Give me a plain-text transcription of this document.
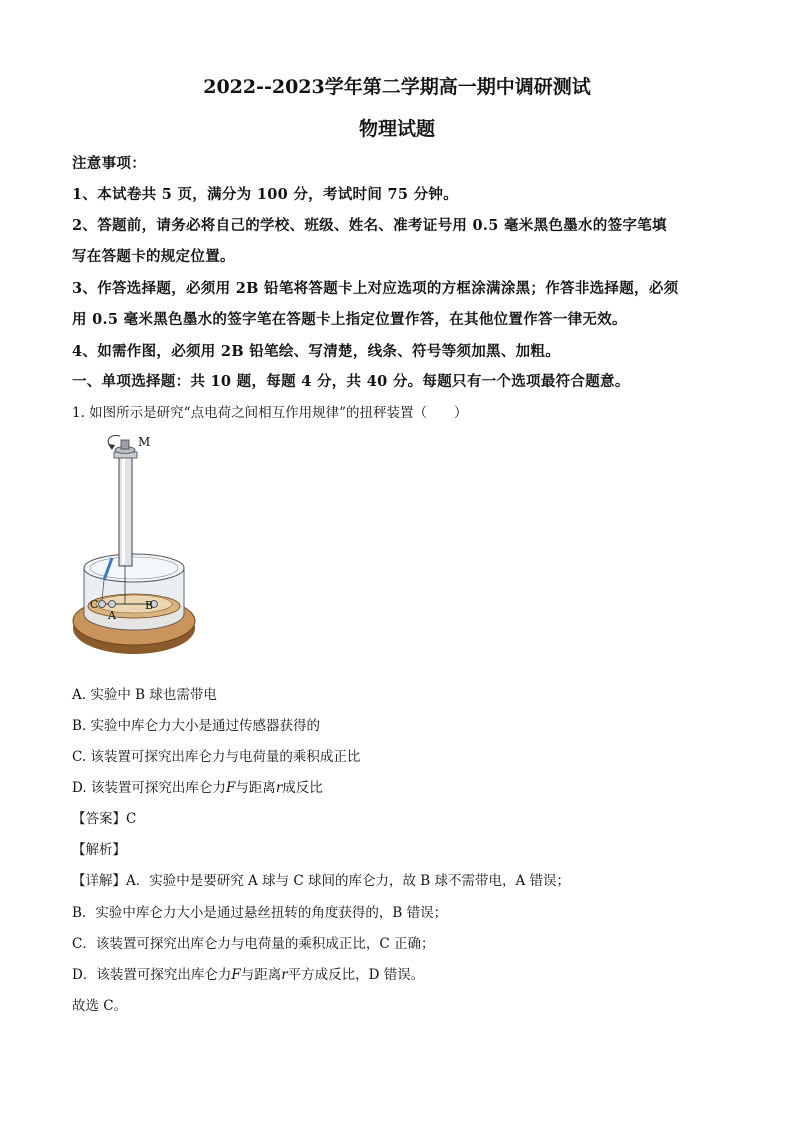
2022--2023学年第二学期高一期中调研测试
物理试题
注意事项：
1、本试卷共 5 页，满分为 100 分，考试时间 75 分钟。
2、答题前，请务必将自己的学校、班级、姓名、准考证号用 0.5 毫米黑色墨水的签字笔填
写在答题卡的规定位置。
3、作答选择题，必须用 2B 铅笔将答题卡上对应选项的方框涂满涂黑；作答非选择题，必须
用 0.5 毫米黑色墨水的签字笔在答题卡上指定位置作答，在其他位置作答一律无效。
4、如需作图，必须用 2B 铅笔绘、写清楚，线条、符号等须加黑、加粗。
一、单项选择题：共 10 题，每题 4 分，共 40 分。每题只有一个选项最符合题意。
1. 如图所示是研究“点电荷之间相互作用规律”的扭秤装置（　　）
M
C
A
B
A. 实验中 B 球也需带电
B. 实验中库仑力大小是通过传感器获得的
C. 该装置可探究出库仑力与电荷量的乘积成正比
D. 该装置可探究出库仑力F与距离r成反比
【答案】C
【解析】
【详解】A．实验中是要研究 A 球与 C 球间的库仑力，故 B 球不需带电，A 错误；
B．实验中库仑力大小是通过悬丝扭转的角度获得的，B 错误；
C．该装置可探究出库仑力与电荷量的乘积成正比，C 正确；
D．该装置可探究出库仑力F与距离r平方成反比，D 错误。
故选 C。
